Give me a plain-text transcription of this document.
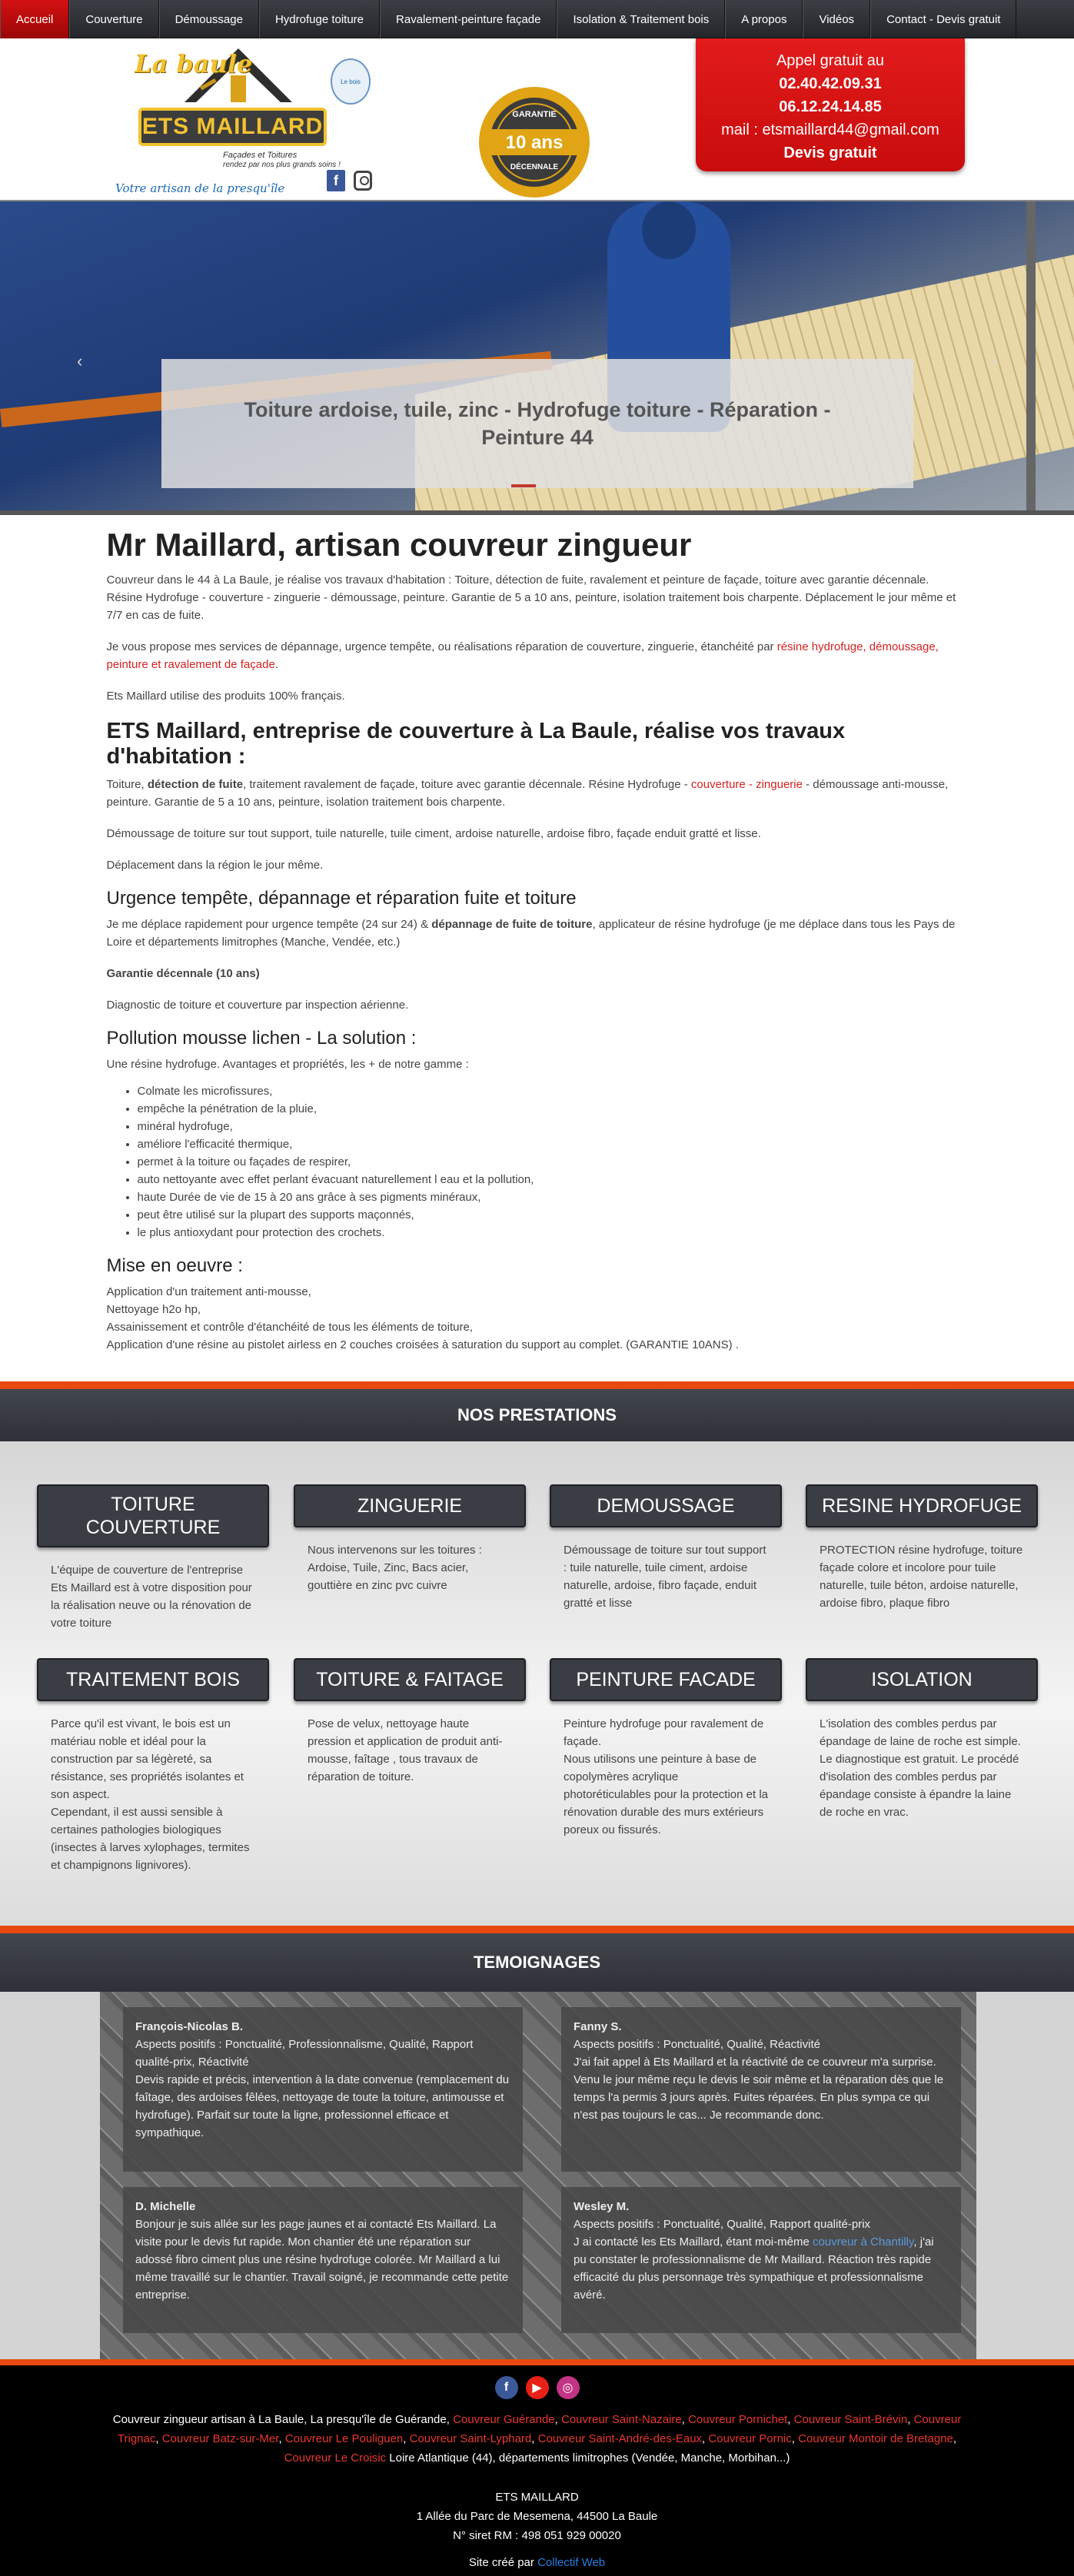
Accueil	Couverture	Démoussage	Hydrofuge toiture	Ravalement-peinture façade	Isolation & Traitement bois	A propos	Vidéos	Contact - Devis gratuit
La baule
ETS MAILLARD
Façades et Toitures
rendez par nos plus grands soins !
Votre artisan de la presqu'île
Le bois
f
GARANTIE
10 ans
DÉCENNALE
Appel gratuit au
02.40.42.09.31
06.12.24.14.85
mail : etsmaillard44@gmail.com
Devis gratuit
‹	›
Toiture ardoise, tuile, zinc - Hydrofuge toiture - Réparation - Peinture 44
Mr Maillard, artisan couvreur zingueur

Couvreur dans le 44 à La Baule, je réalise vos travaux d'habitation : Toiture, détection de fuite, ravalement et peinture de façade, toiture avec garantie décennale. Résine Hydrofuge - couverture - zinguerie - démoussage, peinture. Garantie de 5 a 10 ans, peinture, isolation traitement bois charpente. Déplacement le jour même et 7/7 en cas de fuite.

Je vous propose mes services de dépannage, urgence tempête, ou réalisations réparation de couverture, zinguerie, étanchéité par résine hydrofuge, démoussage, peinture et ravalement de façade.

Ets Maillard utilise des produits 100% français.

ETS Maillard, entreprise de couverture à La Baule, réalise vos travaux d'habitation :

Toiture, détection de fuite, traitement ravalement de façade, toiture avec garantie décennale. Résine Hydrofuge - couverture - zinguerie - démoussage anti-mousse, peinture. Garantie de 5 a 10 ans, peinture, isolation traitement bois charpente.

Démoussage de toiture sur tout support, tuile naturelle, tuile ciment, ardoise naturelle, ardoise fibro, façade enduit gratté et lisse.

Déplacement dans la région le jour même.

Urgence tempête, dépannage et réparation fuite et toiture

Je me déplace rapidement pour urgence tempête (24 sur 24) & dépannage de fuite de toiture, applicateur de résine hydrofuge (je me déplace dans tous les Pays de Loire et départements limitrophes (Manche, Vendée, etc.)

Garantie décennale (10 ans)

Diagnostic de toiture et couverture par inspection aérienne.

Pollution mousse lichen - La solution :

Une résine hydrofuge. Avantages et propriétés, les + de notre gamme :

• Colmate les microfissures,
• empêche la pénétration de la pluie,
• minéral hydrofuge,
• améliore l'efficacité thermique,
• permet à la toiture ou façades de respirer,
• auto nettoyante avec effet perlant évacuant naturellement l eau et la pollution,
• haute Durée de vie de 15 à 20 ans grâce à ses pigments minéraux,
• peut être utilisé sur la plupart des supports maçonnés,
• le plus antioxydant pour protection des crochets.
Mise en oeuvre :

Application d'un traitement anti-mousse,

Nettoyage h2o hp,

Assainissement et contrôle d'étanchéité de tous les éléments de toiture,

Application d'une résine au pistolet airless en 2 couches croisées à saturation du support au complet. (GARANTIE 10ANS) .

NOS PRESTATIONS
TOITURE COUVERTURE
L'équipe de couverture de l'entreprise Ets Maillard est à votre disposition pour la réalisation neuve ou la rénovation de votre toiture
ZINGUERIE
Nous intervenons sur les toitures : Ardoise, Tuile, Zinc, Bacs acier, gouttière en zinc pvc cuivre
DEMOUSSAGE
Démoussage de toiture sur tout support : tuile naturelle, tuile ciment, ardoise naturelle, ardoise, fibro façade, enduit gratté et lisse
RESINE HYDROFUGE
PROTECTION résine hydrofuge, toiture façade colore et incolore pour tuile naturelle, tuile béton, ardoise naturelle, ardoise fibro, plaque fibro
TRAITEMENT BOIS
Parce qu'il est vivant, le bois est un matériau noble et idéal pour la construction par sa légèreté, sa résistance, ses propriétés isolantes et son aspect.
Cependant, il est aussi sensible à certaines pathologies biologiques (insectes à larves xylophages, termites et champignons lignivores).
TOITURE & FAITAGE
Pose de velux, nettoyage haute pression et application de produit anti-mousse, faîtage , tous travaux de réparation de toiture.
PEINTURE FACADE
Peinture hydrofuge pour ravalement de façade.
Nous utilisons une peinture à base de copolymères acrylique photoréticulables pour la protection et la rénovation durable des murs extérieurs poreux ou fissurés.
ISOLATION
L'isolation des combles perdus par épandage de laine de roche est simple. Le diagnostique est gratuit. Le procédé d'isolation des combles perdus par épandage consiste à épandre la laine de roche en vrac.
TEMOIGNAGES
François-Nicolas B.
Aspects positifs : Ponctualité, Professionnalisme, Qualité, Rapport qualité-prix, Réactivité
Devis rapide et précis, intervention à la date convenue (remplacement du faîtage, des ardoises fêlées, nettoyage de toute la toiture, antimousse et hydrofuge). Parfait sur toute la ligne, professionnel efficace et sympathique.
Fanny S.
Aspects positifs : Ponctualité, Qualité, Réactivité
J'ai fait appel à Ets Maillard et la réactivité de ce couvreur m'a surprise. Venu le jour même reçu le devis le soir même et la réparation dès que le temps l'a permis 3 jours après. Fuites réparées. En plus sympa ce qui n'est pas toujours le cas... Je recommande donc.
D. Michelle
Bonjour je suis allée sur les page jaunes et ai contacté Ets Maillard. La visite pour le devis fut rapide. Mon chantier été une réparation sur adossé fibro ciment plus une résine hydrofuge colorée. Mr Maillard a lui même travaillé sur le chantier. Travail soigné, je recommande cette petite entreprise.
Wesley M.
Aspects positifs : Ponctualité, Qualité, Rapport qualité-prix
J ai contacté les Ets Maillard, étant moi-même couvreur à Chantilly, j'ai pu constater le professionnalisme de Mr Maillard. Réaction très rapide efficacité du plus personnage très sympathique et professionnalisme avéré.
f	▶	◎
Couvreur zingueur artisan à La Baule, La presqu'île de Guérande, Couvreur Guérande, Couvreur Saint-Nazaire, Couvreur Pornichet, Couvreur Saint-Brévin, Couvreur Trignac, Couvreur Batz-sur-Mer, Couvreur Le Pouliguen, Couvreur Saint-Lyphard, Couvreur Saint-André-des-Eaux, Couvreur Pornic, Couvreur Montoir de Bretagne, Couvreur Le Croisic Loire Atlantique (44), départements limitrophes (Vendée, Manche, Morbihan...)
ETS MAILLARD
1 Allée du Parc de Mesemena, 44500 La Baule
N° siret RM : 498 051 929 00020
Site créé par Collectif Web
